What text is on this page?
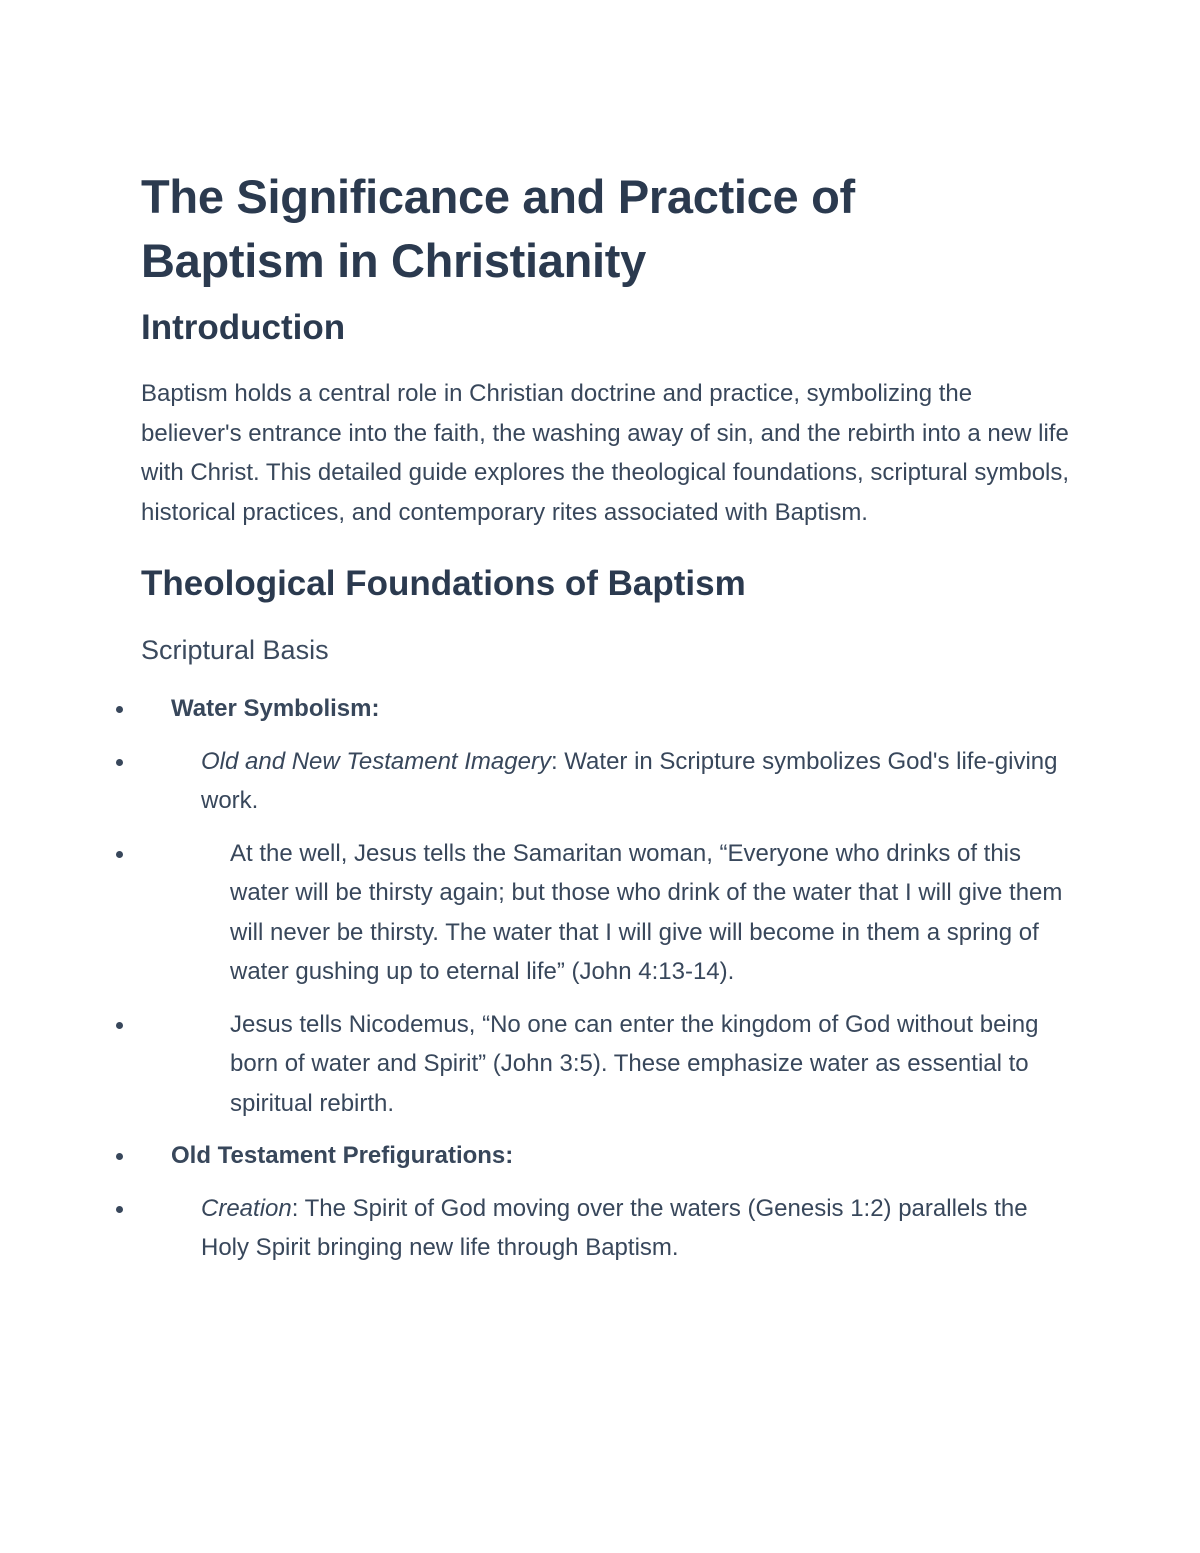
The Significance and Practice of
Baptism in Christianity
Introduction

Baptism holds a central role in Christian doctrine and practice, symbolizing the believer's entrance into the faith, the washing away of sin, and the rebirth into a new life with Christ. This detailed guide explores the theological foundations, scriptural symbols, historical practices, and contemporary rites associated with Baptism.

Theological Foundations of Baptism
Scriptural Basis
Water Symbolism:
Old and New Testament Imagery: Water in Scripture symbolizes God's life-giving work.
At the well, Jesus tells the Samaritan woman, “Everyone who drinks of this water will be thirsty again; but those who drink of the water that I will give them will never be thirsty. The water that I will give will become in them a spring of water gushing up to eternal life” (John 4:13-14).
Jesus tells Nicodemus, “No one can enter the kingdom of God without being born of water and Spirit” (John 3:5). These emphasize water as essential to spiritual rebirth.
Old Testament Prefigurations:
Creation: The Spirit of God moving over the waters (Genesis 1:2) parallels the Holy Spirit bringing new life through Baptism.
